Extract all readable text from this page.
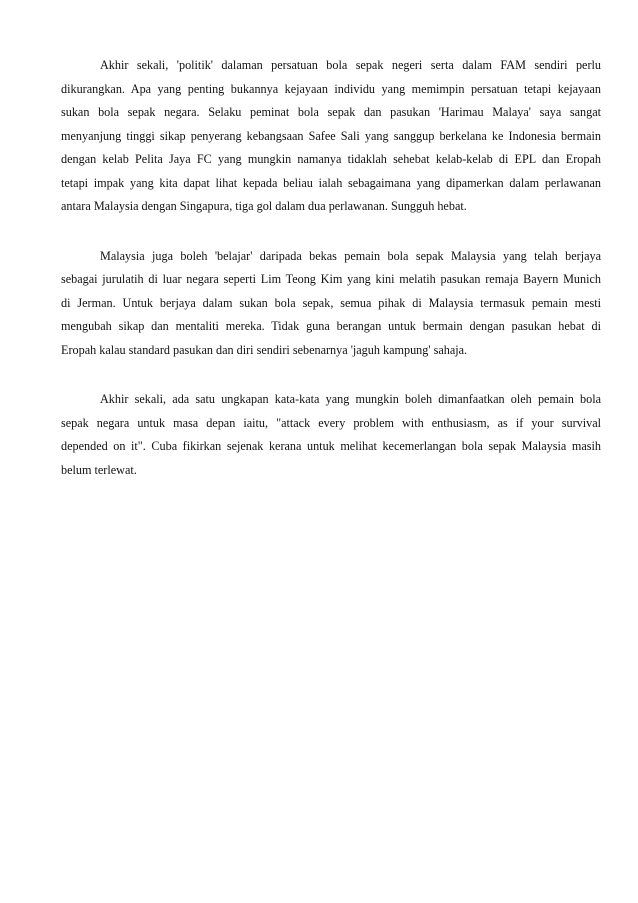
Akhir sekali, 'politik' dalaman persatuan bola sepak negeri serta dalam FAM sendiri perlu
dikurangkan. Apa yang penting bukannya kejayaan individu yang memimpin persatuan tetapi kejayaan
sukan bola sepak negara. Selaku peminat bola sepak dan pasukan 'Harimau Malaya' saya sangat
menyanjung tinggi sikap penyerang kebangsaan Safee Sali yang sanggup berkelana ke Indonesia bermain
dengan kelab Pelita Jaya FC yang mungkin namanya tidaklah sehebat kelab-kelab di EPL dan Eropah
tetapi impak yang kita dapat lihat kepada beliau ialah sebagaimana yang dipamerkan dalam perlawanan
antara Malaysia dengan Singapura, tiga gol dalam dua perlawanan. Sungguh hebat.
Malaysia juga boleh 'belajar' daripada bekas pemain bola sepak Malaysia yang telah berjaya
sebagai jurulatih di luar negara seperti Lim Teong Kim yang kini melatih pasukan remaja Bayern Munich
di Jerman. Untuk berjaya dalam sukan bola sepak, semua pihak di Malaysia termasuk pemain mesti
mengubah sikap dan mentaliti mereka. Tidak guna berangan untuk bermain dengan pasukan hebat di
Eropah kalau standard pasukan dan diri sendiri sebenarnya 'jaguh kampung' sahaja.
Akhir sekali, ada satu ungkapan kata-kata yang mungkin boleh dimanfaatkan oleh pemain bola
sepak negara untuk masa depan iaitu, "attack every problem with enthusiasm, as if your survival
depended on it". Cuba fikirkan sejenak kerana untuk melihat kecemerlangan bola sepak Malaysia masih
belum terlewat.
